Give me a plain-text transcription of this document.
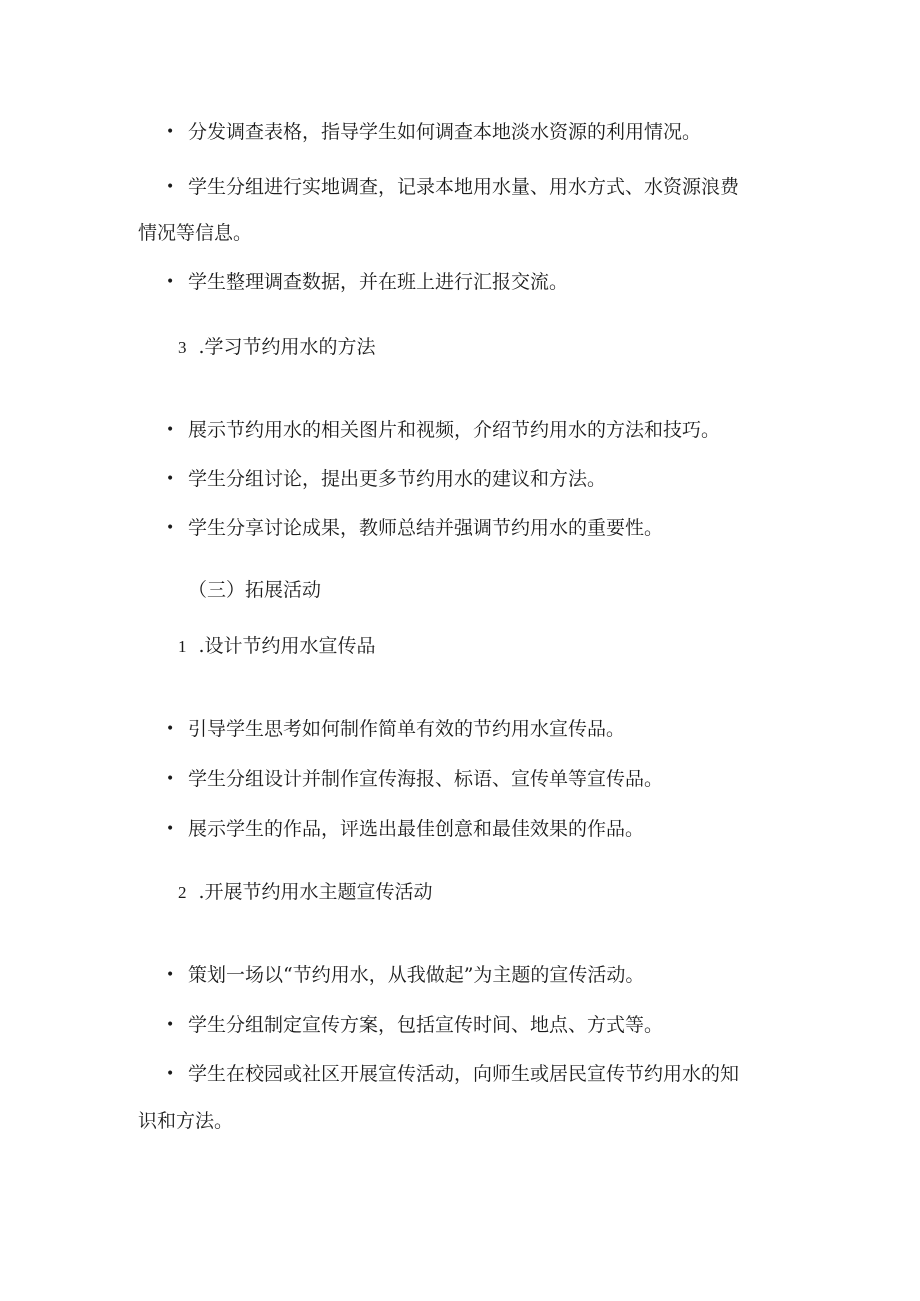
• 分发调查表格，指导学生如何调查本地淡水资源的利用情况。
• 学生分组进行实地调查，记录本地用水量、用水方式、水资源浪费
情况等信息。
• 学生整理调查数据，并在班上进行汇报交流。
3 .学习节约用水的方法
• 展示节约用水的相关图片和视频，介绍节约用水的方法和技巧。
• 学生分组讨论，提出更多节约用水的建议和方法。
• 学生分享讨论成果，教师总结并强调节约用水的重要性。
（三）拓展活动
1 .设计节约用水宣传品
• 引导学生思考如何制作简单有效的节约用水宣传品。
• 学生分组设计并制作宣传海报、标语、宣传单等宣传品。
• 展示学生的作品，评选出最佳创意和最佳效果的作品。
2 .开展节约用水主题宣传活动
• 策划一场以“节约用水，从我做起”为主题的宣传活动。
• 学生分组制定宣传方案，包括宣传时间、地点、方式等。
• 学生在校园或社区开展宣传活动，向师生或居民宣传节约用水的知
识和方法。
